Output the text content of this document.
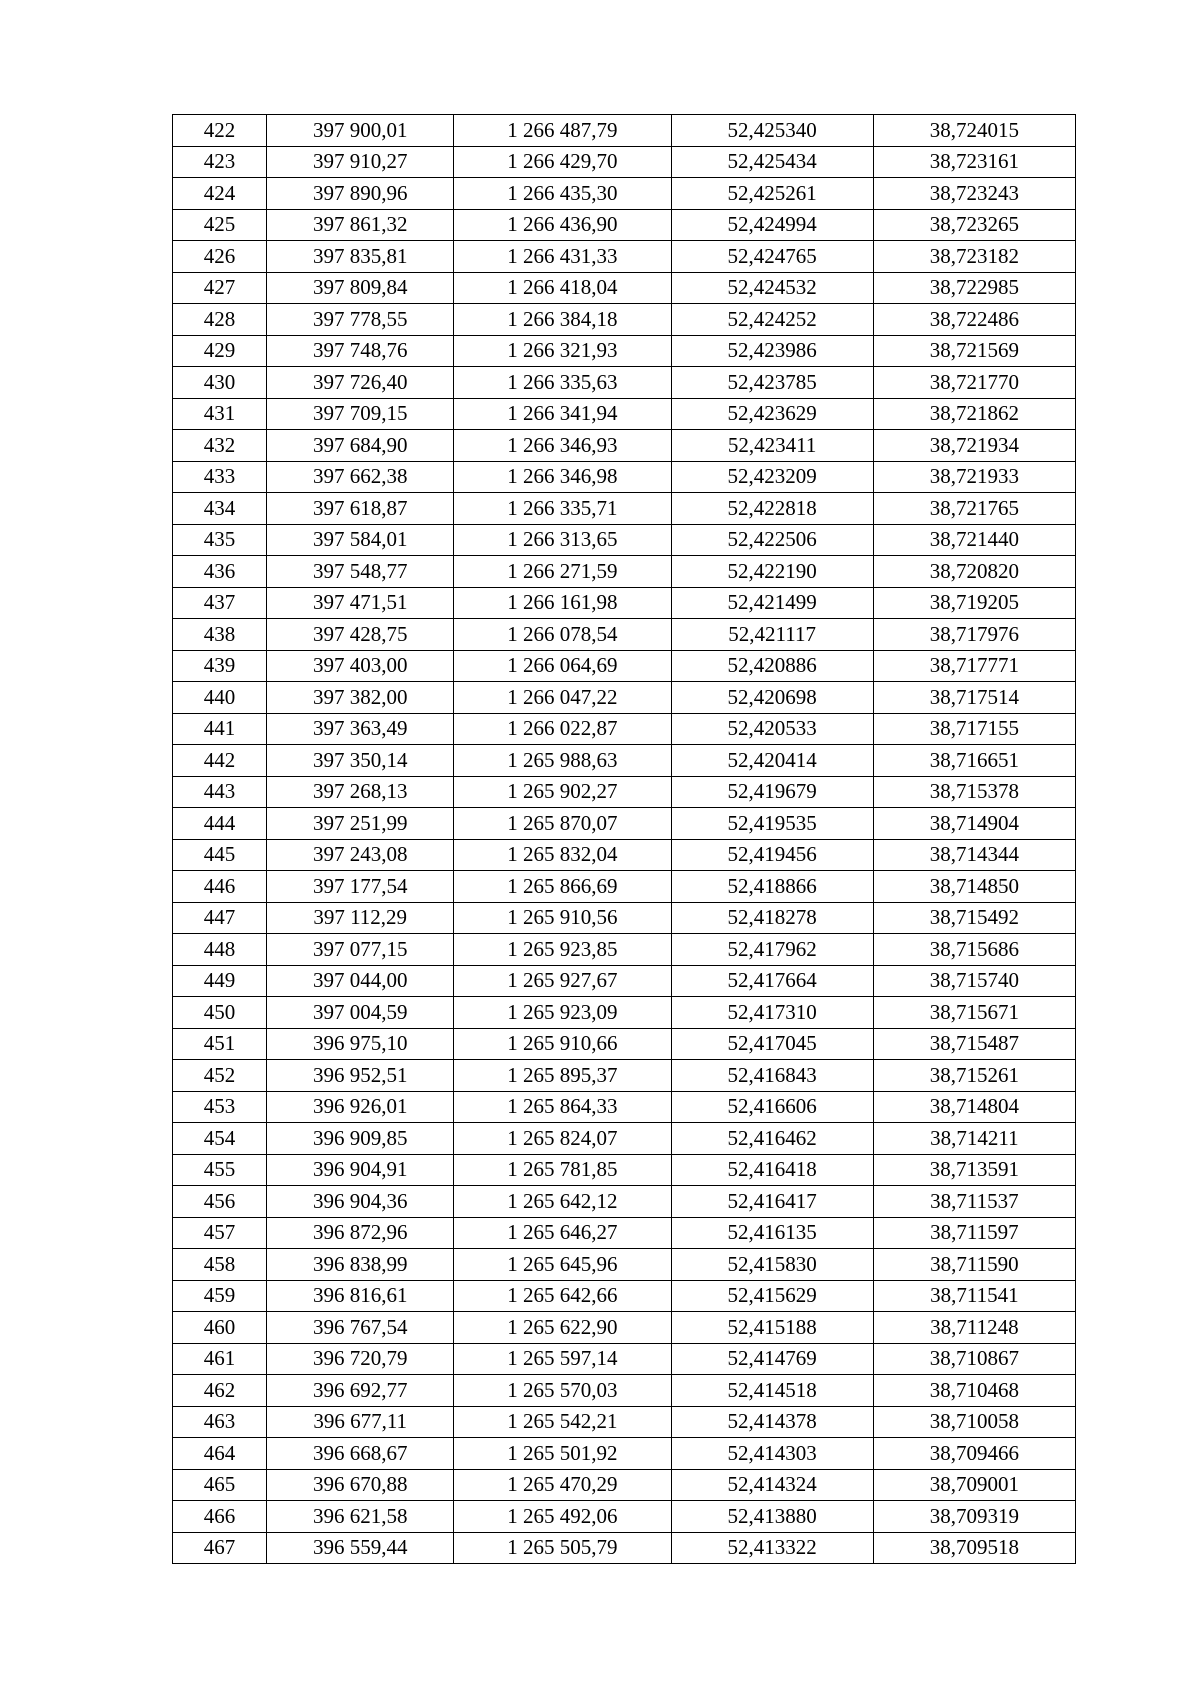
422	397 900,01	1 266 487,79	52,425340	38,724015
423	397 910,27	1 266 429,70	52,425434	38,723161
424	397 890,96	1 266 435,30	52,425261	38,723243
425	397 861,32	1 266 436,90	52,424994	38,723265
426	397 835,81	1 266 431,33	52,424765	38,723182
427	397 809,84	1 266 418,04	52,424532	38,722985
428	397 778,55	1 266 384,18	52,424252	38,722486
429	397 748,76	1 266 321,93	52,423986	38,721569
430	397 726,40	1 266 335,63	52,423785	38,721770
431	397 709,15	1 266 341,94	52,423629	38,721862
432	397 684,90	1 266 346,93	52,423411	38,721934
433	397 662,38	1 266 346,98	52,423209	38,721933
434	397 618,87	1 266 335,71	52,422818	38,721765
435	397 584,01	1 266 313,65	52,422506	38,721440
436	397 548,77	1 266 271,59	52,422190	38,720820
437	397 471,51	1 266 161,98	52,421499	38,719205
438	397 428,75	1 266 078,54	52,421117	38,717976
439	397 403,00	1 266 064,69	52,420886	38,717771
440	397 382,00	1 266 047,22	52,420698	38,717514
441	397 363,49	1 266 022,87	52,420533	38,717155
442	397 350,14	1 265 988,63	52,420414	38,716651
443	397 268,13	1 265 902,27	52,419679	38,715378
444	397 251,99	1 265 870,07	52,419535	38,714904
445	397 243,08	1 265 832,04	52,419456	38,714344
446	397 177,54	1 265 866,69	52,418866	38,714850
447	397 112,29	1 265 910,56	52,418278	38,715492
448	397 077,15	1 265 923,85	52,417962	38,715686
449	397 044,00	1 265 927,67	52,417664	38,715740
450	397 004,59	1 265 923,09	52,417310	38,715671
451	396 975,10	1 265 910,66	52,417045	38,715487
452	396 952,51	1 265 895,37	52,416843	38,715261
453	396 926,01	1 265 864,33	52,416606	38,714804
454	396 909,85	1 265 824,07	52,416462	38,714211
455	396 904,91	1 265 781,85	52,416418	38,713591
456	396 904,36	1 265 642,12	52,416417	38,711537
457	396 872,96	1 265 646,27	52,416135	38,711597
458	396 838,99	1 265 645,96	52,415830	38,711590
459	396 816,61	1 265 642,66	52,415629	38,711541
460	396 767,54	1 265 622,90	52,415188	38,711248
461	396 720,79	1 265 597,14	52,414769	38,710867
462	396 692,77	1 265 570,03	52,414518	38,710468
463	396 677,11	1 265 542,21	52,414378	38,710058
464	396 668,67	1 265 501,92	52,414303	38,709466
465	396 670,88	1 265 470,29	52,414324	38,709001
466	396 621,58	1 265 492,06	52,413880	38,709319
467	396 559,44	1 265 505,79	52,413322	38,709518
